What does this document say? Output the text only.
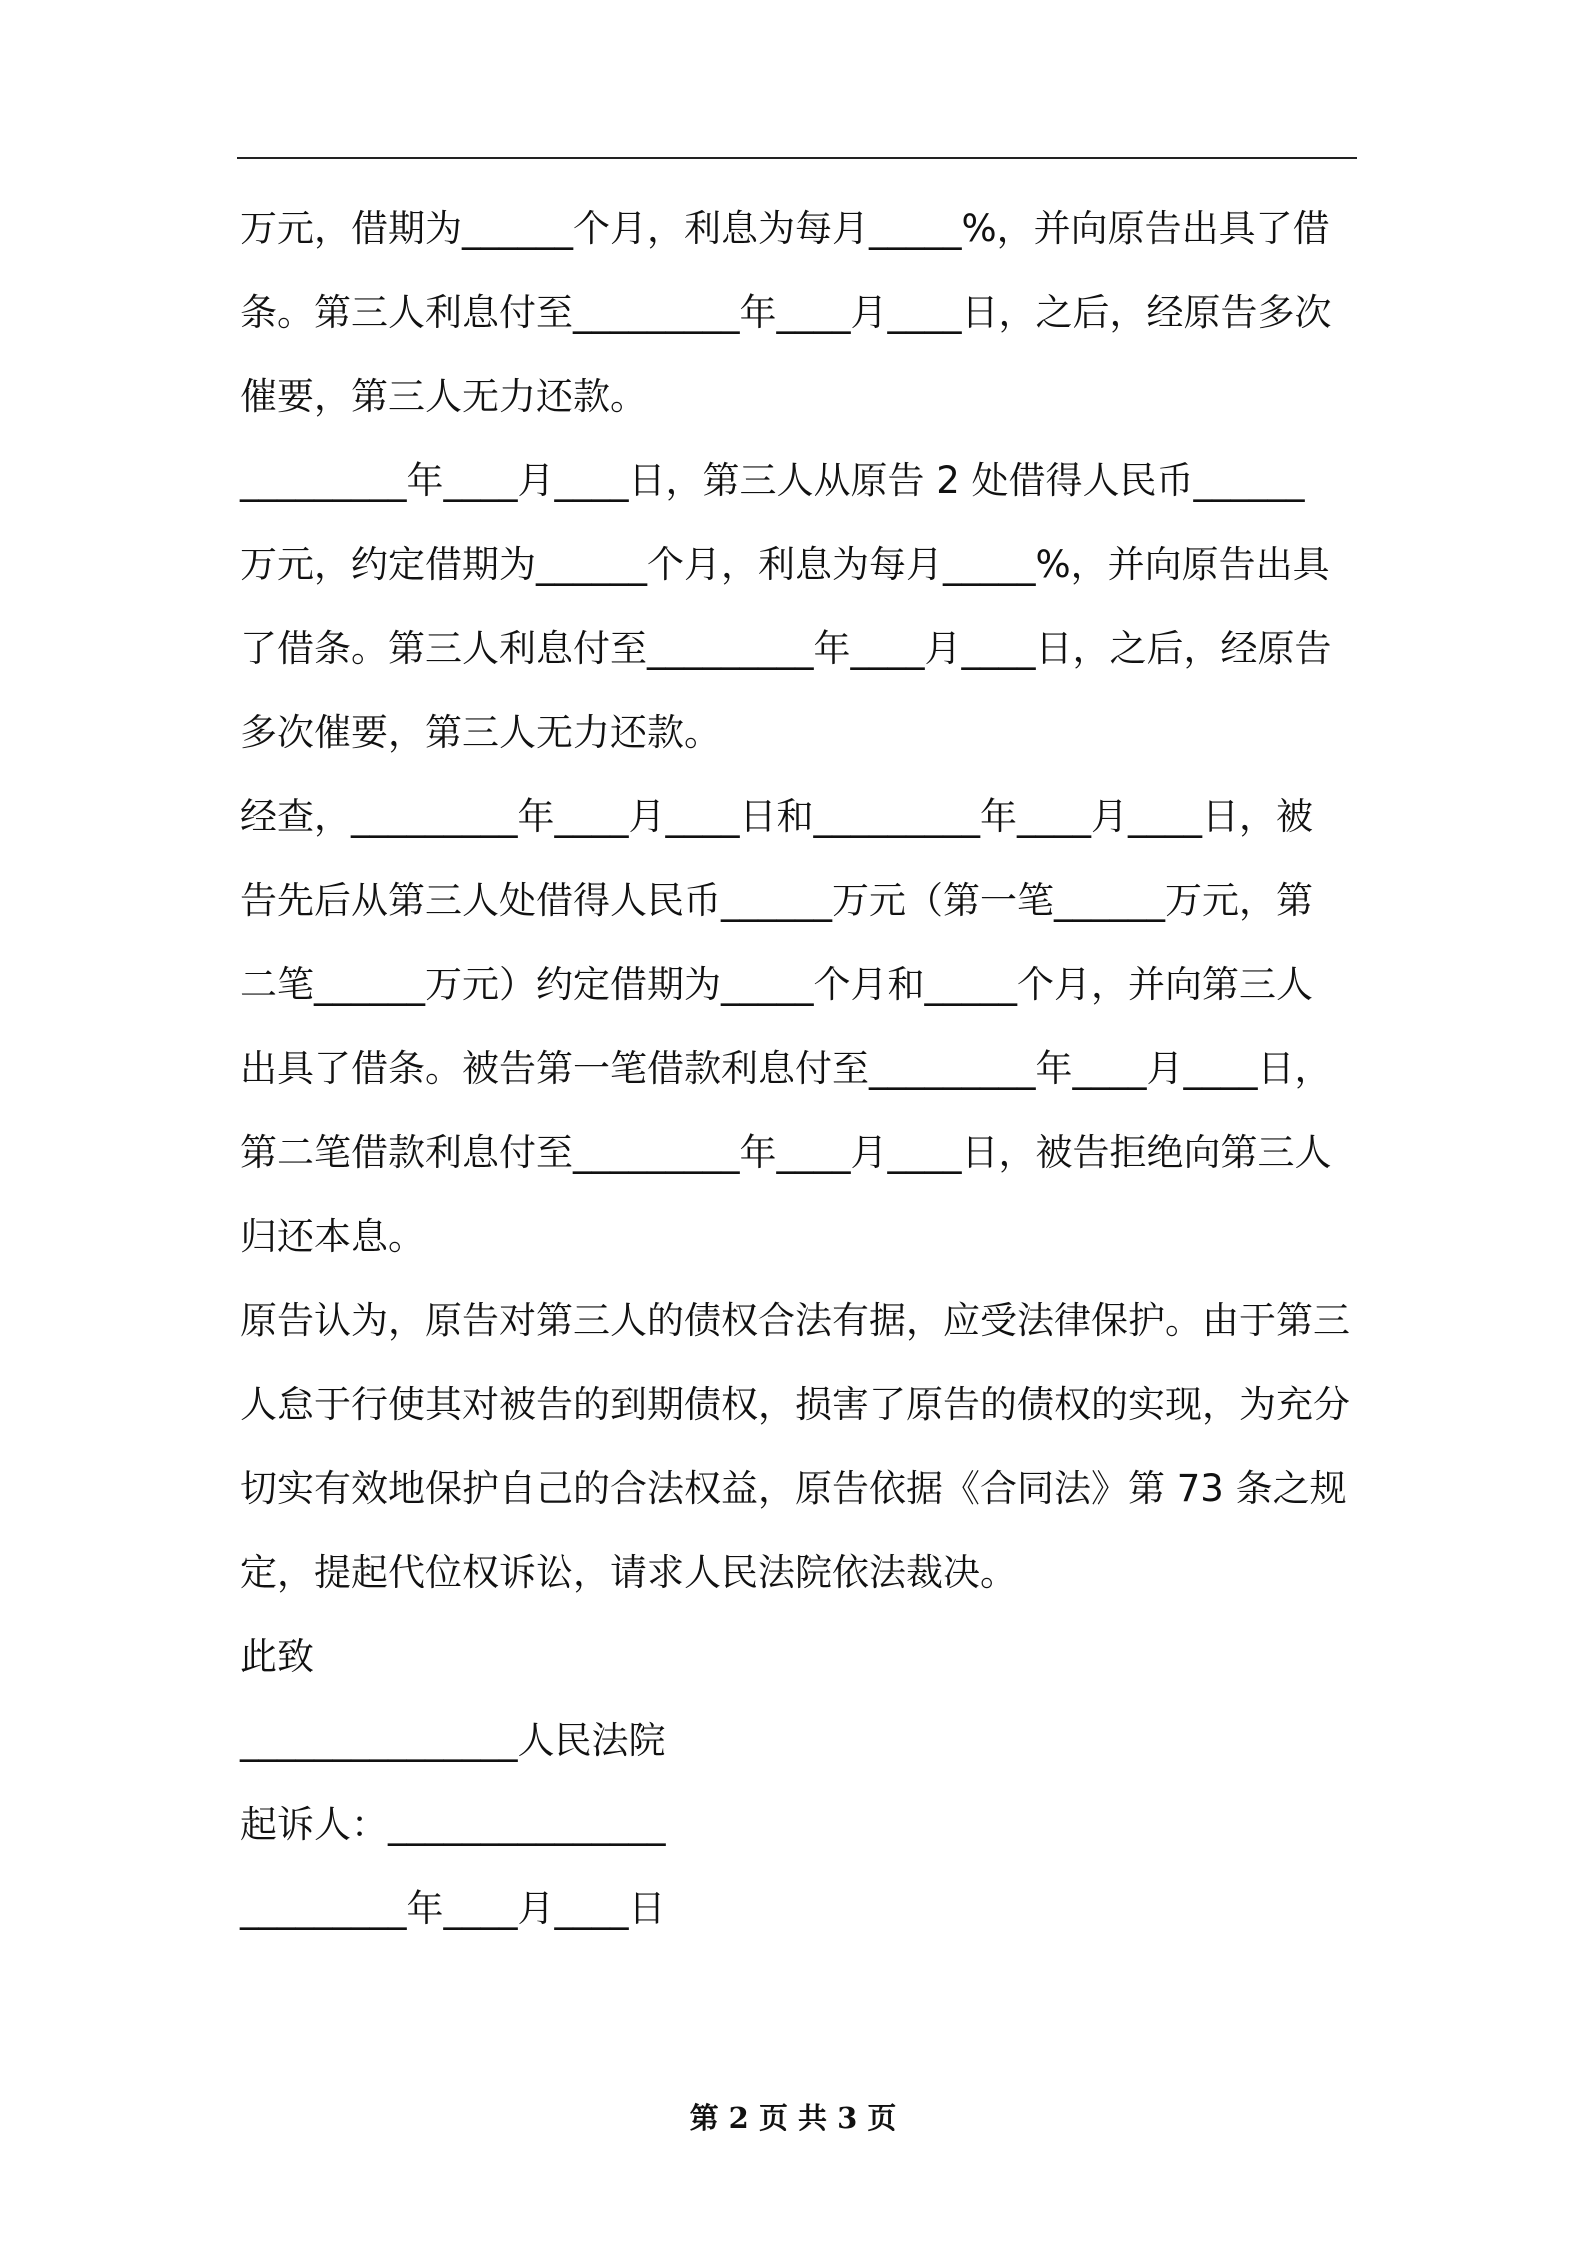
万元，借期为______个月，利息为每月_____%，并向原告出具了借
条。第三人利息付至_________年____月____日，之后，经原告多次
催要，第三人无力还款。
_________年____月____日，第三人从原告 2 处借得人民币______
万元，约定借期为______个月，利息为每月_____%，并向原告出具
了借条。第三人利息付至_________年____月____日，之后，经原告
多次催要，第三人无力还款。
经查，_________年____月____日和_________年____月____日，被
告先后从第三人处借得人民币______万元（第一笔______万元，第
二笔______万元）约定借期为_____个月和_____个月，并向第三人
出具了借条。被告第一笔借款利息付至_________年____月____日，
第二笔借款利息付至_________年____月____日，被告拒绝向第三人
归还本息。
原告认为，原告对第三人的债权合法有据，应受法律保护。由于第三
人怠于行使其对被告的到期债权，损害了原告的债权的实现，为充分
切实有效地保护自己的合法权益，原告依据《合同法》第 73 条之规
定，提起代位权诉讼，请求人民法院依法裁决。
此致
_______________人民法院
起诉人：_______________
_________年____月____日
第 2 页 共 3 页
